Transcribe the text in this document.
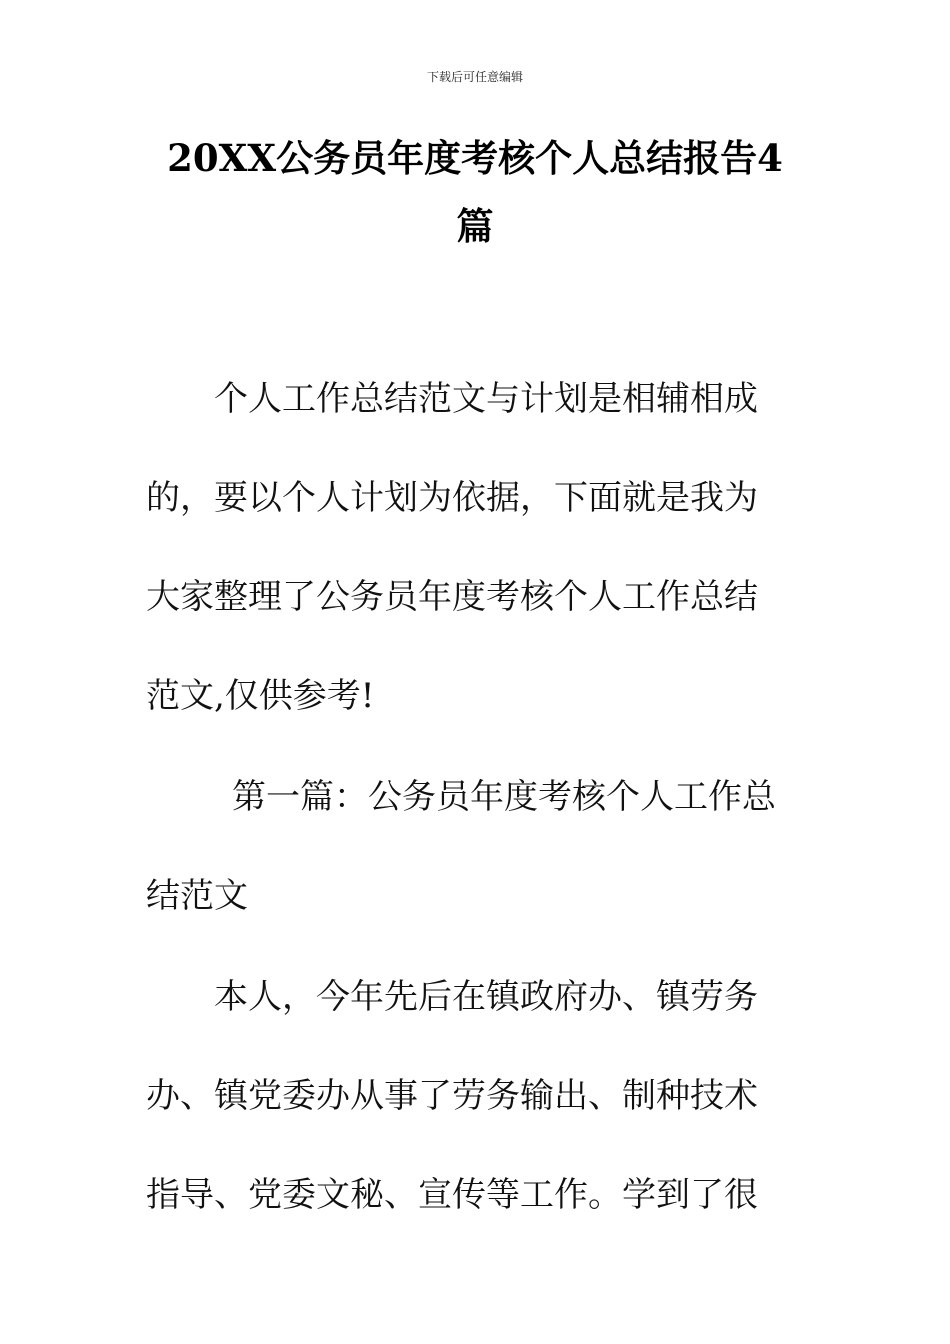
下载后可任意编辑
20XX公务员年度考核个人总结报告4
篇

个人工作总结范文与计划是相辅相成
的，要以个人计划为依据，下面就是我为
大家整理了公务员年度考核个人工作总结
范文,仅供参考!

第一篇：公务员年度考核个人工作总
结范文

本人，今年先后在镇政府办、镇劳务
办、镇党委办从事了劳务输出、制种技术
指导、党委文秘、宣传等工作。学到了很
